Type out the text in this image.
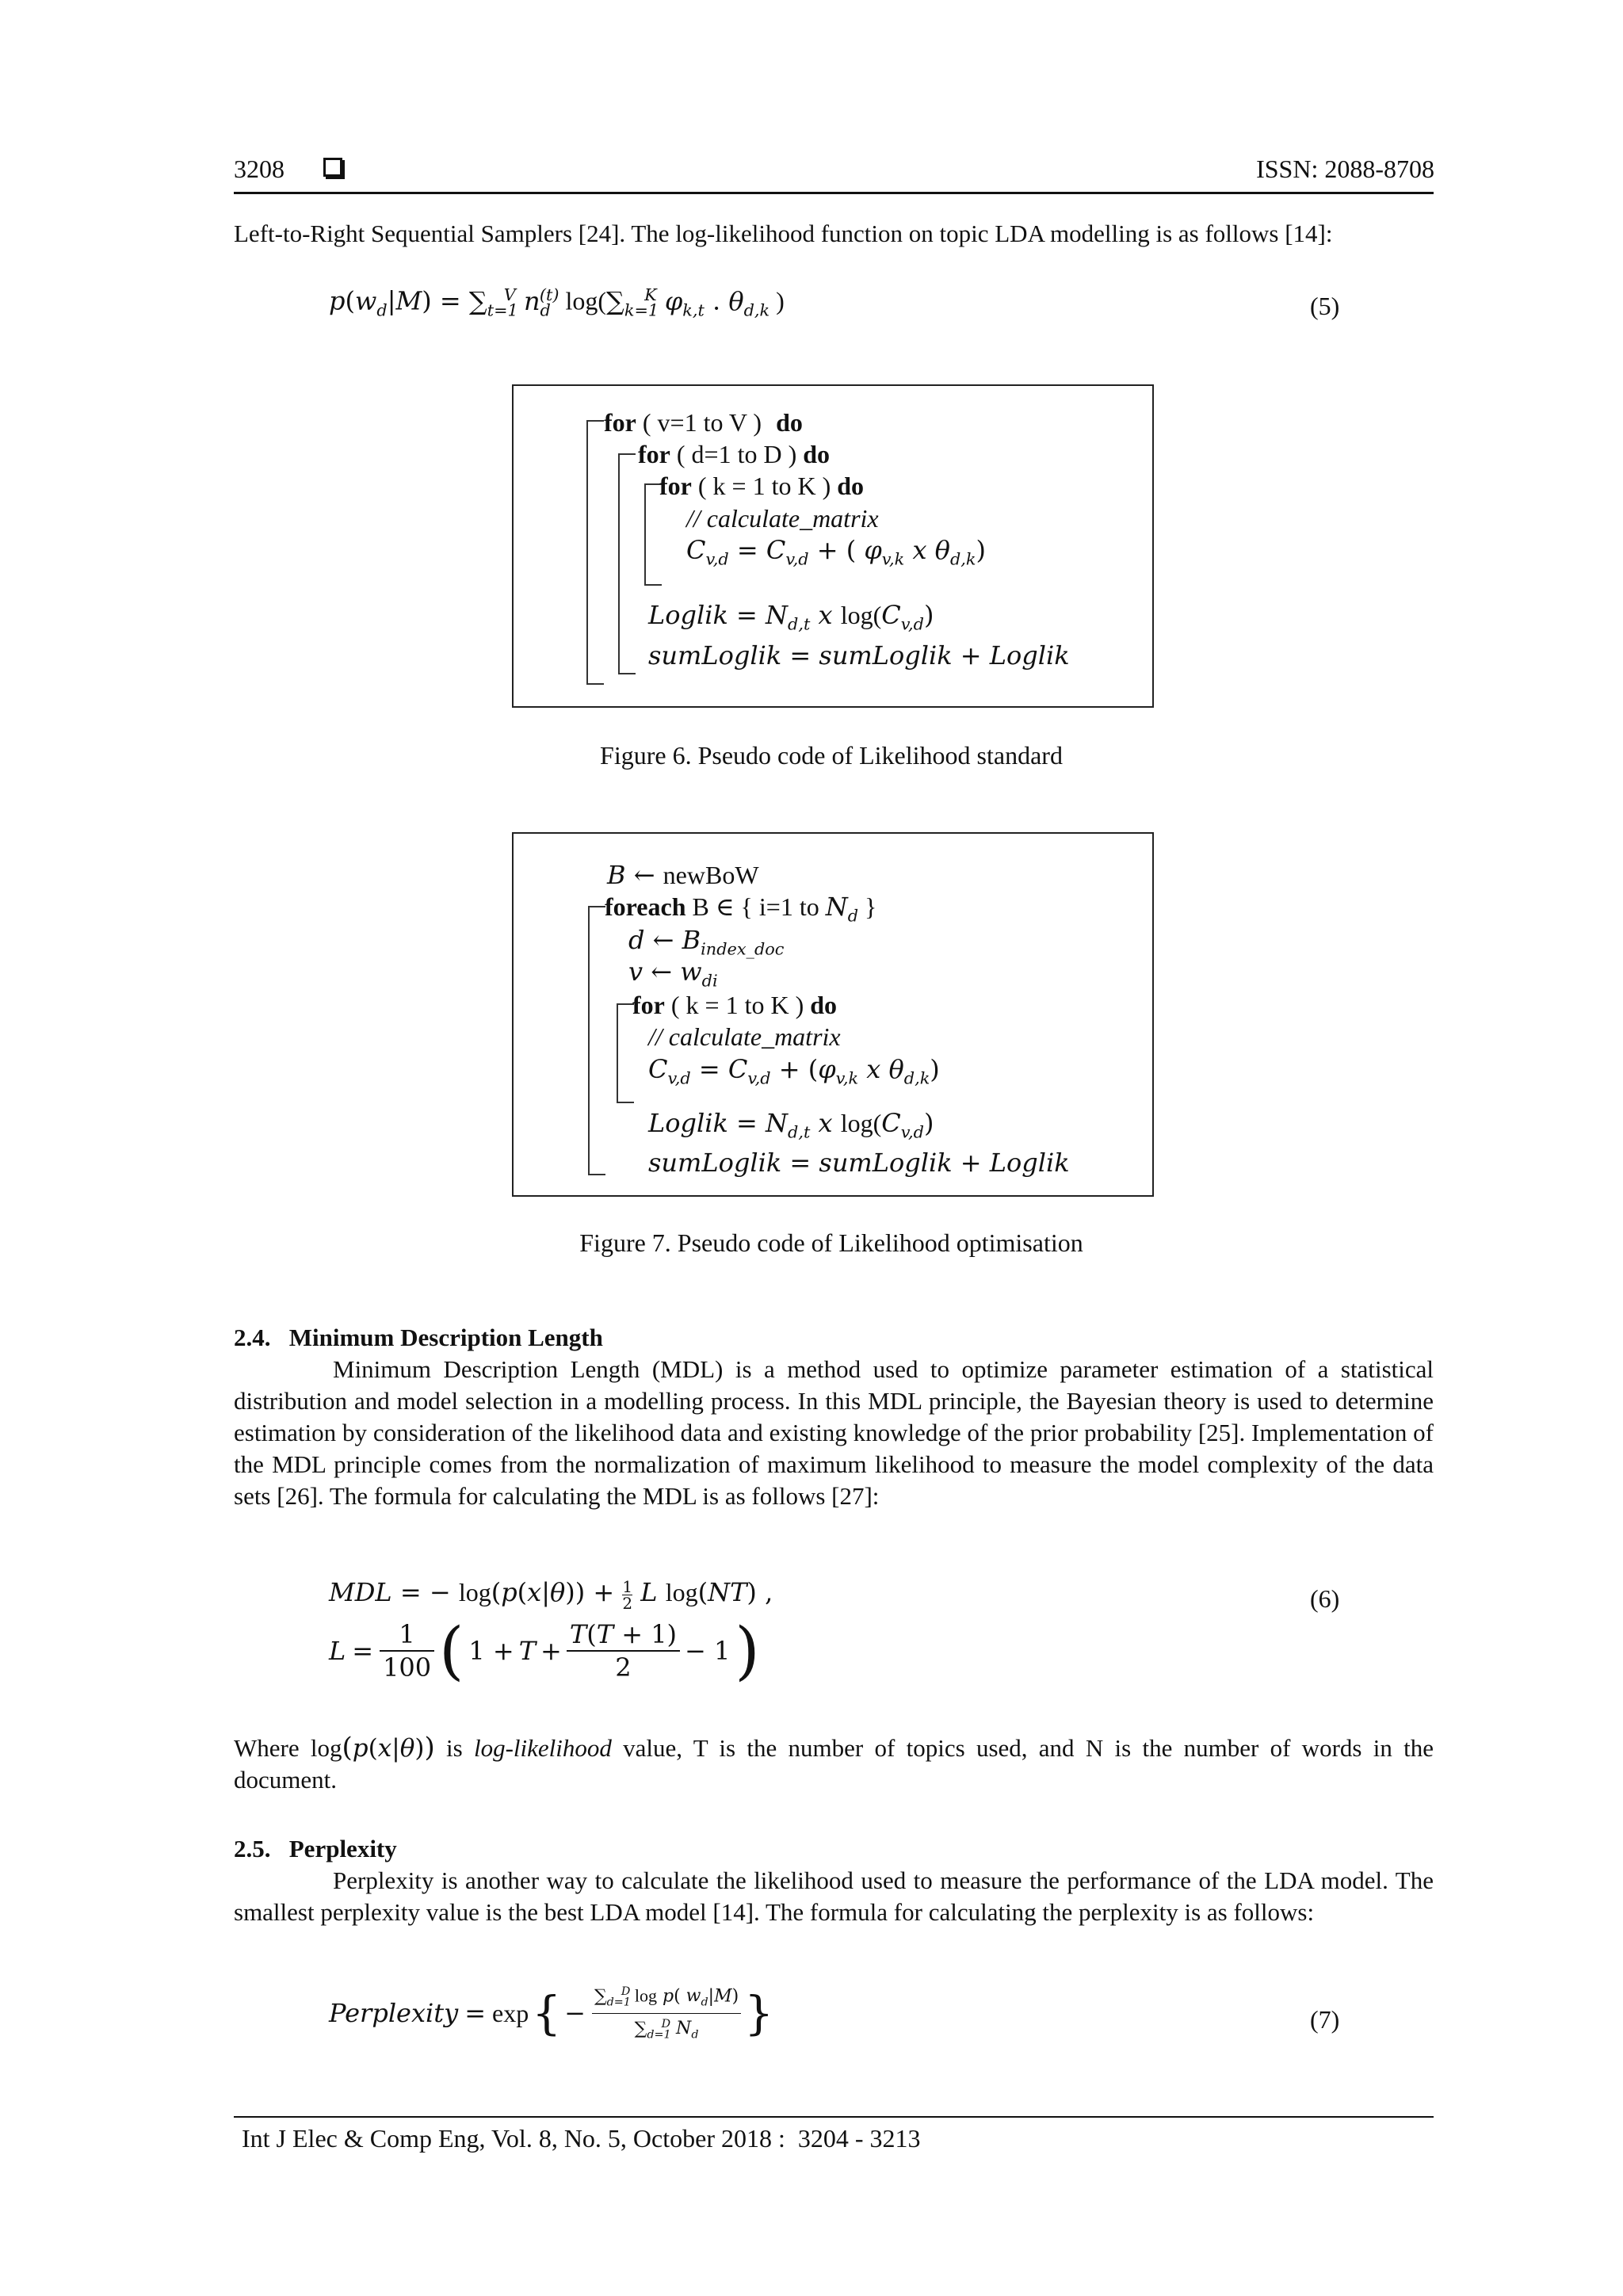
3208	ISSN: 2088-8708
Left-to-Right Sequential Samplers [24]. The log-likelihood function on topic LDA modelling is as follows [14]:
$p(w_d|M) = \sum_{t=1}^V$ $n_d^{(t)}$ $\log(\sum_{k=1}^K$ $\varphi_{k,t}$ . $\theta_{d,k}$ )	(5)
for ( v=1 to V ) do
for ( d=1 to D ) do
for ( k = 1 to K ) do
// calculate_matrix
$C_{v,d} = C_{v,d}$ + ( $\varphi_{v,k}$ x $\theta_{d,k}$)
Loglik = $N_{d,t}$ x $\log(C_{v,d})$
sumLoglik = sumLoglik + Loglik
Figure 6. Pseudo code of Likelihood standard
B ← newBoW
foreach B ∈ { i=1 to $N_d$ }
d ← $B_{index\_doc}$
v ← $w_{di}$
for ( k = 1 to K ) do
// calculate_matrix
$C_{v,d} = C_{v,d} + (\varphi_{v,k}$ x $\theta_{d,k}$)
Loglik = $N_{d,t}$ x $\log(C_{v,d})$
sumLoglik = sumLoglik + Loglik
Figure 7. Pseudo code of Likelihood optimisation
2.4.   Minimum Description Length
Minimum Description Length (MDL) is a method used to optimize parameter estimation of a statistical distribution and model selection in a modelling process. In this MDL principle, the Bayesian theory is used to determine estimation by consideration of the likelihood data and existing knowledge of the prior probability [25]. Implementation of the MDL principle comes from the normalization of maximum likelihood to measure the model complexity of the data sets [26]. The formula for calculating the MDL is as follows [27]:
MDL = − $\log(p(x|\theta)) + \frac{1}{2}$ L log(NT) ,	(6)
$L = \frac{1}{100}$ ( $1 + T + \frac{T(T + 1)}{2} - 1$ )
Where log(p(x|θ)) is log-likelihood value, T is the number of topics used, and N is the number of words in the document.
2.5.   Perplexity
Perplexity is another way to calculate the likelihood used to measure the performance of the LDA model. The smallest perplexity value is the best LDA model [14]. The formula for calculating the perplexity is as follows:
Perplexity = exp { − $\frac{\sum_{d=1}^D \log p( w_d|M)}{\sum_{d=1}^D N_d}$ }	(7)
Int J Elec & Comp Eng, Vol. 8, No. 5, October 2018 :  3204 - 3213
